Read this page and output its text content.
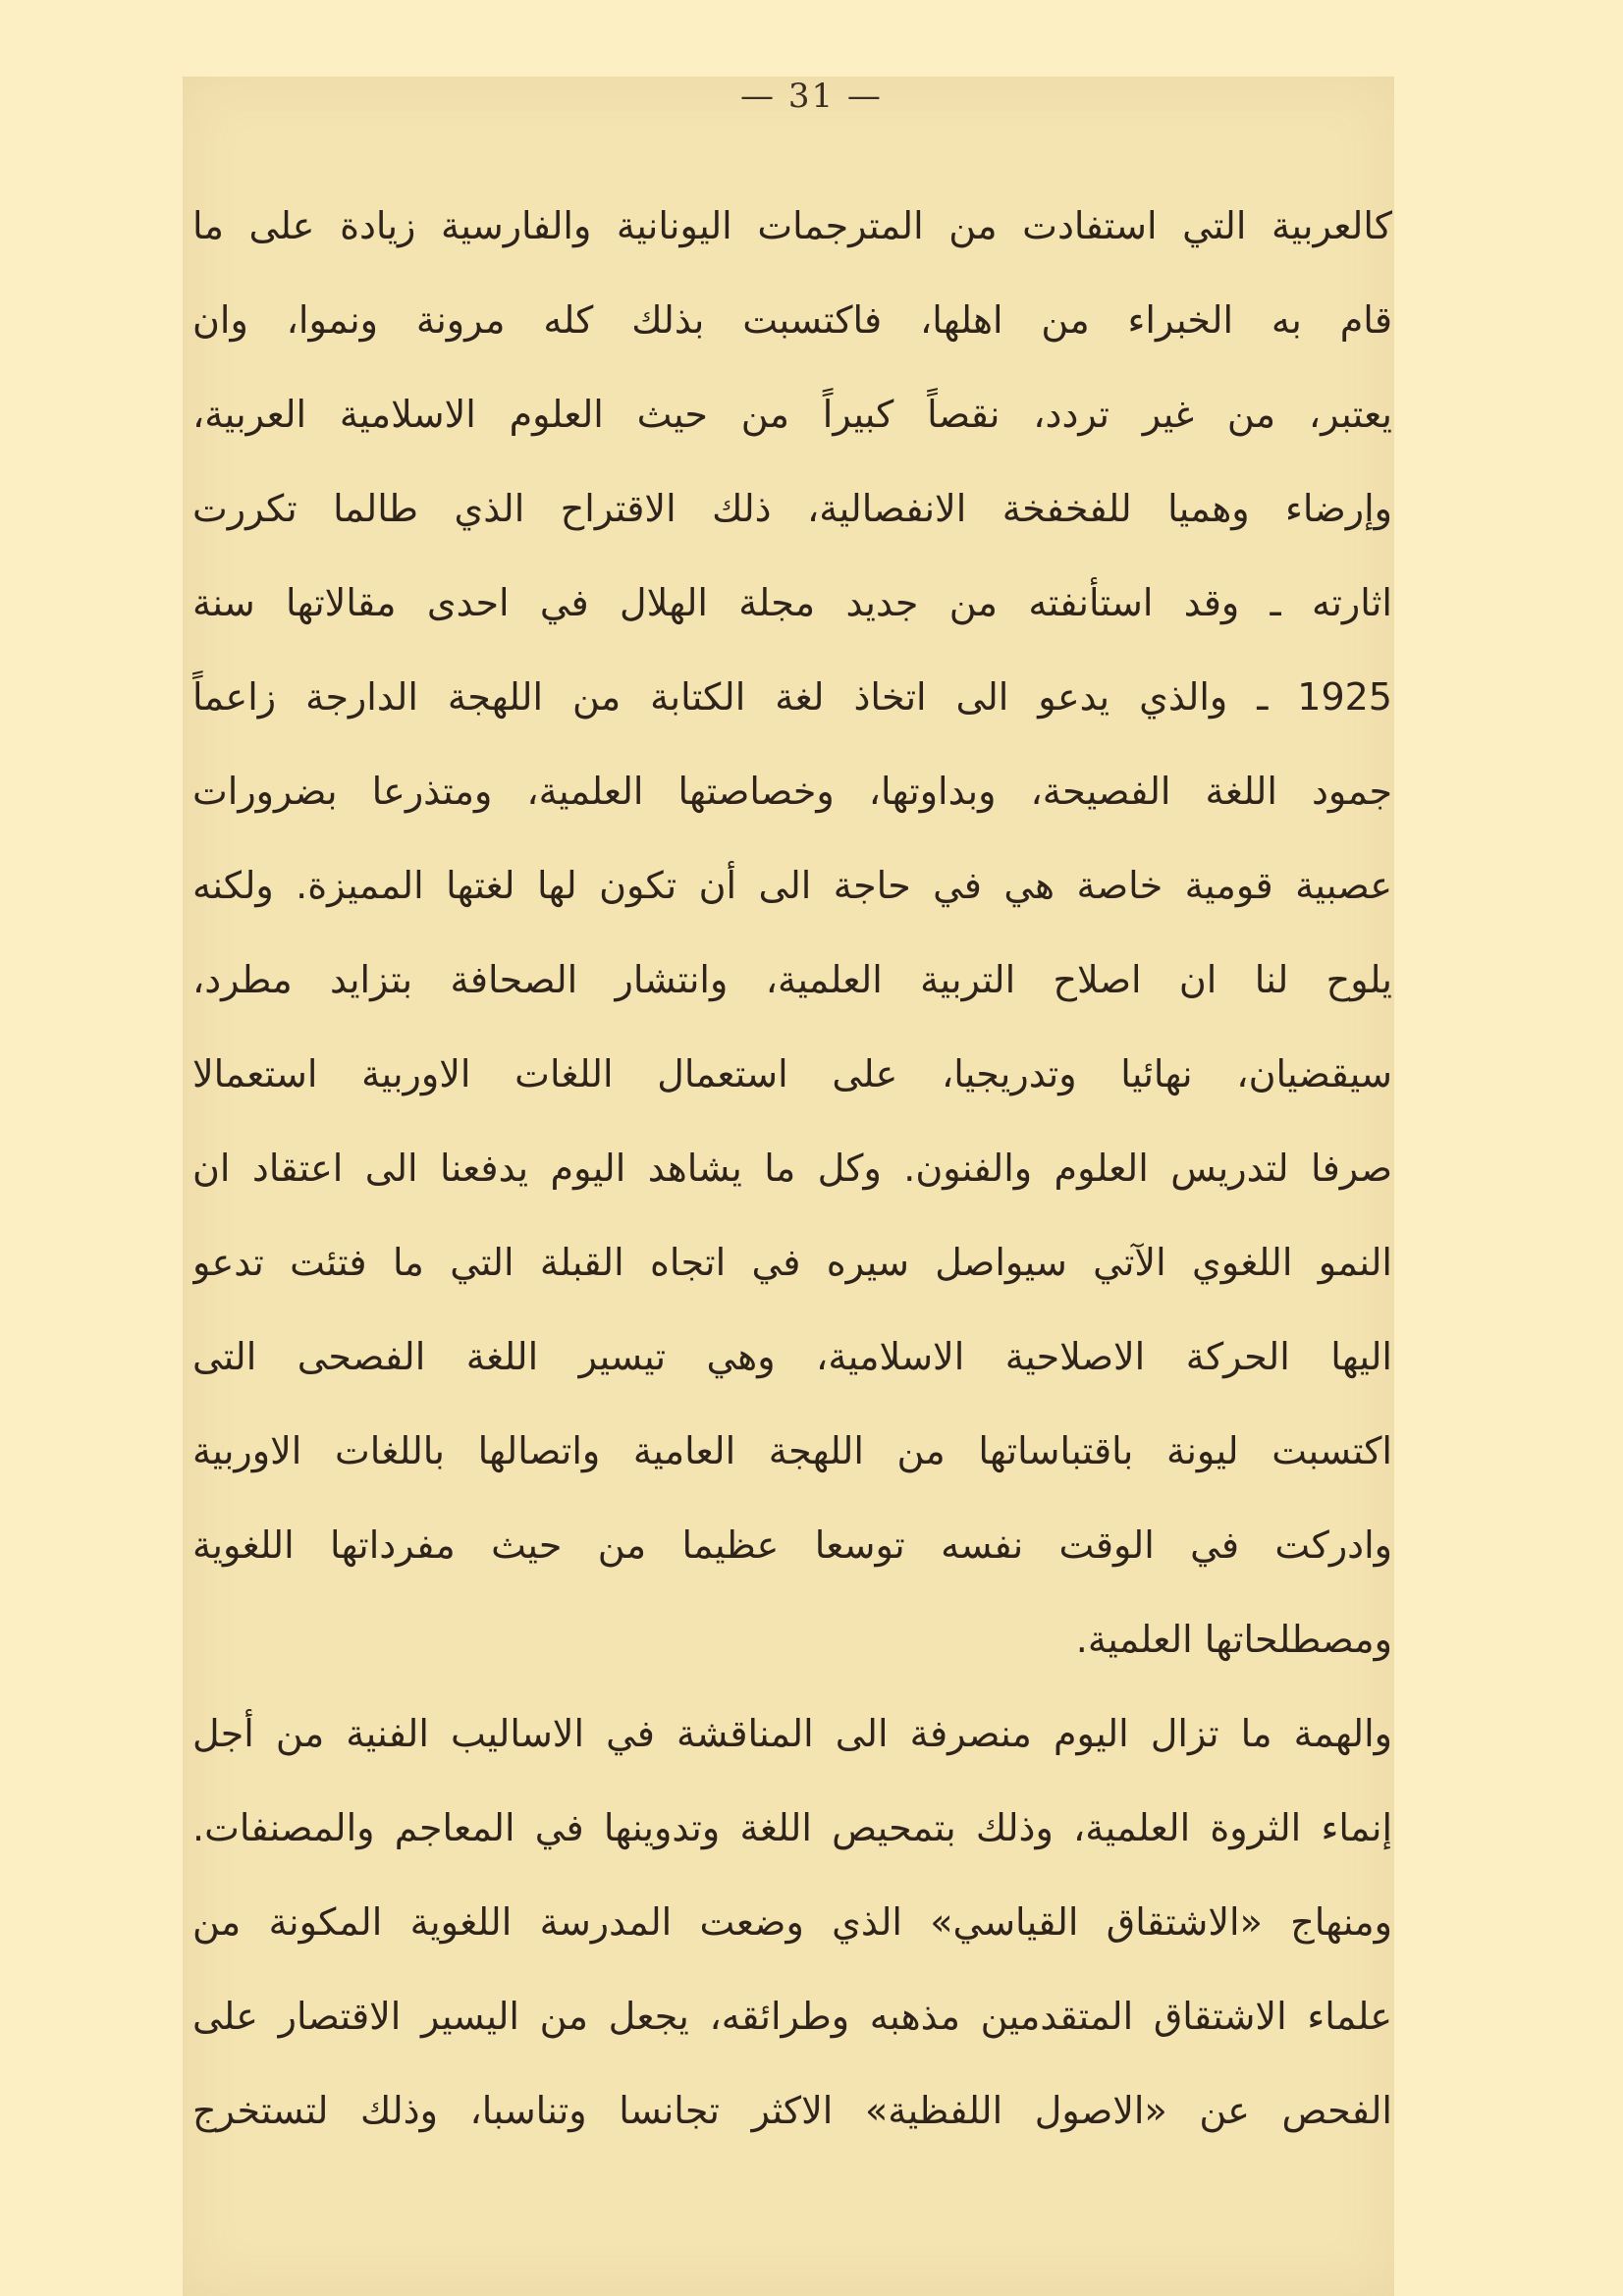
— 31 —
كالعربية التي استفادت من المترجمات اليونانية والفارسية زيادة على ما
قام به الخبراء من اهلها، فاكتسبت بذلك كله مرونة ونموا، وان
يعتبر، من غير تردد، نقصاً كبيراً من حيث العلوم الاسلامية العربية،
وإرضاء وهميا للفخفخة الانفصالية، ذلك الاقتراح الذي طالما تكررت
اثارته ـ وقد استأنفته من جديد مجلة الهلال في احدى مقالاتها سنة
1925 ـ والذي يدعو الى اتخاذ لغة الكتابة من اللهجة الدارجة زاعماً
جمود اللغة الفصيحة، وبداوتها، وخصاصتها العلمية، ومتذرعا بضرورات
عصبية قومية خاصة هي في حاجة الى أن تكون لها لغتها المميزة. ولكنه
يلوح لنا ان اصلاح التربية العلمية، وانتشار الصحافة بتزايد مطرد،
سيقضيان، نهائيا وتدريجيا، على استعمال اللغات الاوربية استعمالا
صرفا لتدريس العلوم والفنون. وكل ما يشاهد اليوم يدفعنا الى اعتقاد ان
النمو اللغوي الآتي سيواصل سيره في اتجاه القبلة التي ما فتئت تدعو
اليها الحركة الاصلاحية الاسلامية، وهي تيسير اللغة الفصحى التى
اكتسبت ليونة باقتباساتها من اللهجة العامية واتصالها باللغات الاوربية
وادركت في الوقت نفسه توسعا عظيما من حيث مفرداتها اللغوية
ومصطلحاتها العلمية.
والهمة ما تزال اليوم منصرفة الى المناقشة في الاساليب الفنية من أجل
إنماء الثروة العلمية، وذلك بتمحيص اللغة وتدوينها في المعاجم والمصنفات.
ومنهاج «الاشتقاق القياسي» الذي وضعت المدرسة اللغوية المكونة من
علماء الاشتقاق المتقدمين مذهبه وطرائقه، يجعل من اليسير الاقتصار على
الفحص عن «الاصول اللفظية» الاكثر تجانسا وتناسبا، وذلك لتستخرج
